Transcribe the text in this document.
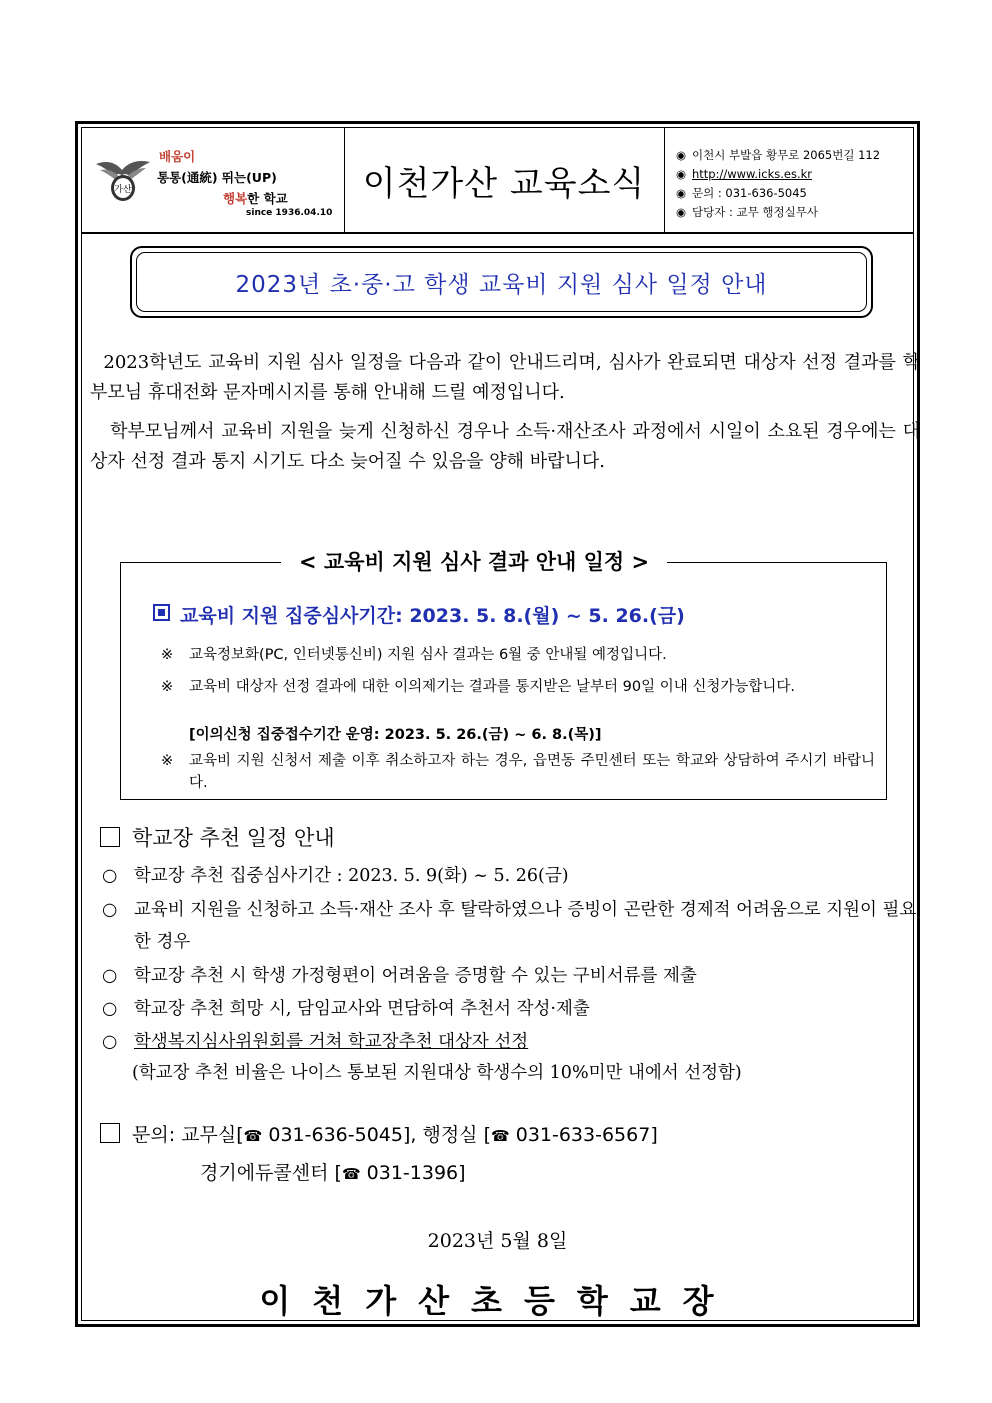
가산
배움이
통통(通統) 뛰는(UP)
행복한 학교
since 1936.04.10
이천가산 교육소식
◉ 이천시 부발읍 황무로 2065번길 112
◉ http://www.icks.es.kr
◉ 문의 : 031-636-5045
◉ 담당자 : 교무 행정실무사
2023년 초·중·고 학생 교육비 지원 심사 일정 안내
2023학년도 교육비 지원 심사 일정을 다음과 같이 안내드리며, 심사가 완료되면 대상자 선정 결과를 학부모님 휴대전화 문자메시지를 통해 안내해 드릴 예정입니다.
학부모님께서 교육비 지원을 늦게 신청하신 경우나 소득·재산조사 과정에서 시일이 소요된 경우에는 대상자 선정 결과 통지 시기도 다소 늦어질 수 있음을 양해 바랍니다.
< 교육비 지원 심사 결과 안내 일정 >
교육비 지원 집중심사기간: 2023. 5. 8.(월) ~ 5. 26.(금)
※	교육정보화(PC, 인터넷통신비) 지원 심사 결과는 6월 중 안내될 예정입니다.
※	교육비 대상자 선정 결과에 대한 이의제기는 결과를 통지받은 날부터 90일 이내 신청가능합니다.
[이의신청 집중접수기간 운영: 2023. 5. 26.(금) ~ 6. 8.(목)]
※	교육비 지원 신청서 제출 이후 취소하고자 하는 경우, 읍면동 주민센터 또는 학교와 상담하여 주시기 바랍니다.
학교장 추천 일정 안내
○ 학교장 추천 집중심사기간 : 2023. 5. 9(화) ~ 5. 26(금)
○ 교육비 지원을 신청하고 소득·재산 조사 후 탈락하였으나 증빙이 곤란한 경제적 어려움으로 지원이 필요한 경우
○ 학교장 추천 시 학생 가정형편이 어려움을 증명할 수 있는 구비서류를 제출
○ 학교장 추천 희망 시, 담임교사와 면담하여 추천서 작성·제출
○ 학생복지심사위원회를 거쳐 학교장추천 대상자 선정
(학교장 추천 비율은 나이스 통보된 지원대상 학생수의 10%미만 내에서 선정함)
문의: 교무실[☎ 031-636-5045], 행정실 [☎ 031-633-6567]
경기에듀콜센터 [☎ 031-1396]
2023년 5월 8일
이천가산초등학교장
